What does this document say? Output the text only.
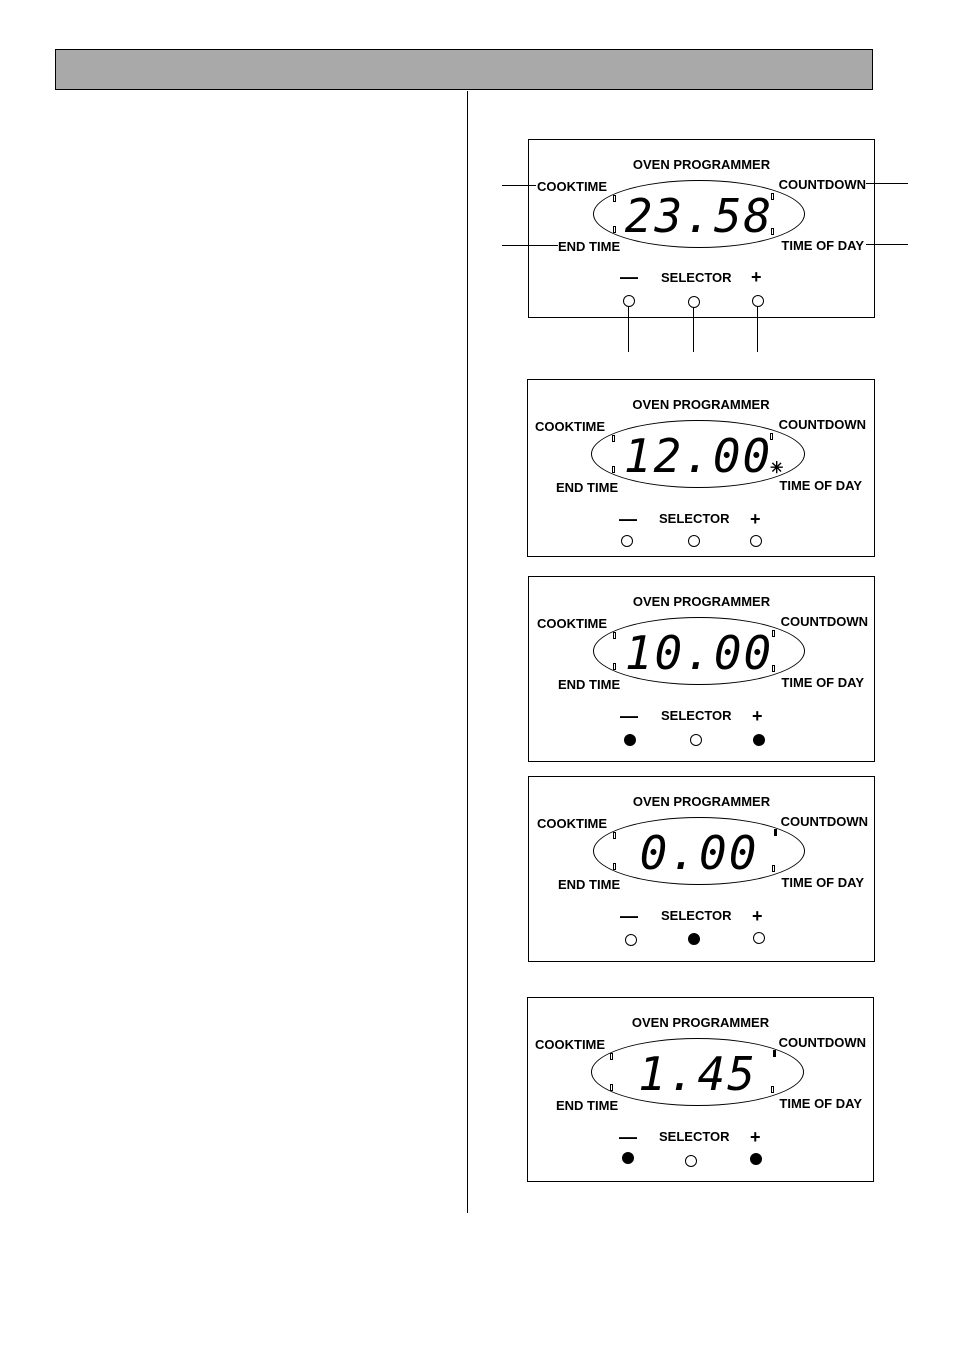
OVEN PROGRAMMER
COOKTIME	COUNTDOWN
END TIME	TIME OF DAY
23.58
— SELECTOR +
OVEN PROGRAMMER
COOKTIME	COUNTDOWN
END TIME	TIME OF DAY
12.00
✳
— SELECTOR +
OVEN PROGRAMMER
COOKTIME	COUNTDOWN
END TIME	TIME OF DAY
10.00
— SELECTOR +
OVEN PROGRAMMER
COOKTIME	COUNTDOWN
END TIME	TIME OF DAY
0.00
— SELECTOR +
OVEN PROGRAMMER
COOKTIME	COUNTDOWN
END TIME	TIME OF DAY
1.45
— SELECTOR +
